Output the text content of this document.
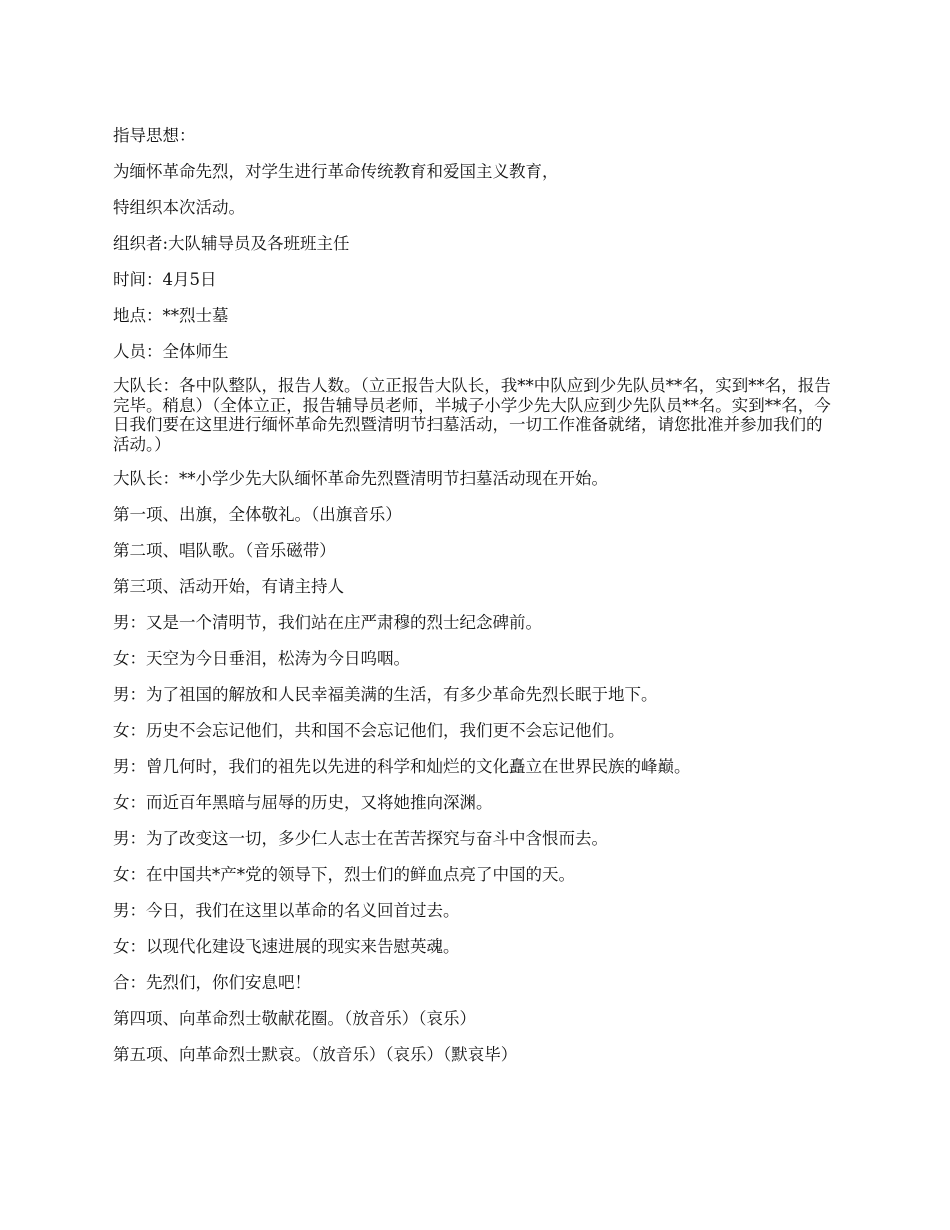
指导思想：

为缅怀革命先烈，对学生进行革命传统教育和爱国主义教育，

特组织本次活动。

组织者:大队辅导员及各班班主任

时间：4月5日

地点：**烈士墓

人员：全体师生

大队长：各中队整队，报告人数。（立正报告大队长，我**中队应到少先队员**名，实到**名，报告完毕。稍息）（全体立正，报告辅导员老师，半城子小学少先大队应到少先队员**名。实到**名，今日我们要在这里进行缅怀革命先烈暨清明节扫墓活动，一切工作准备就绪，请您批准并参加我们的活动。）

大队长：**小学少先大队缅怀革命先烈暨清明节扫墓活动现在开始。

第一项、出旗，全体敬礼。（出旗音乐）

第二项、唱队歌。（音乐磁带）

第三项、活动开始，有请主持人

男：又是一个清明节，我们站在庄严肃穆的烈士纪念碑前。

女：天空为今日垂泪，松涛为今日呜咽。

男：为了祖国的解放和人民幸福美满的生活，有多少革命先烈长眠于地下。

女：历史不会忘记他们，共和国不会忘记他们，我们更不会忘记他们。

男：曾几何时，我们的祖先以先进的科学和灿烂的文化矗立在世界民族的峰巅。

女：而近百年黑暗与屈辱的历史，又将她推向深渊。

男：为了改变这一切，多少仁人志士在苦苦探究与奋斗中含恨而去。

女：在中国共*产*党的领导下，烈士们的鲜血点亮了中国的天。

男：今日，我们在这里以革命的名义回首过去。

女：以现代化建设飞速进展的现实来告慰英魂。

合：先烈们，你们安息吧！

第四项、向革命烈士敬献花圈。（放音乐）（哀乐）

第五项、向革命烈士默哀。（放音乐）（哀乐）（默哀毕）
